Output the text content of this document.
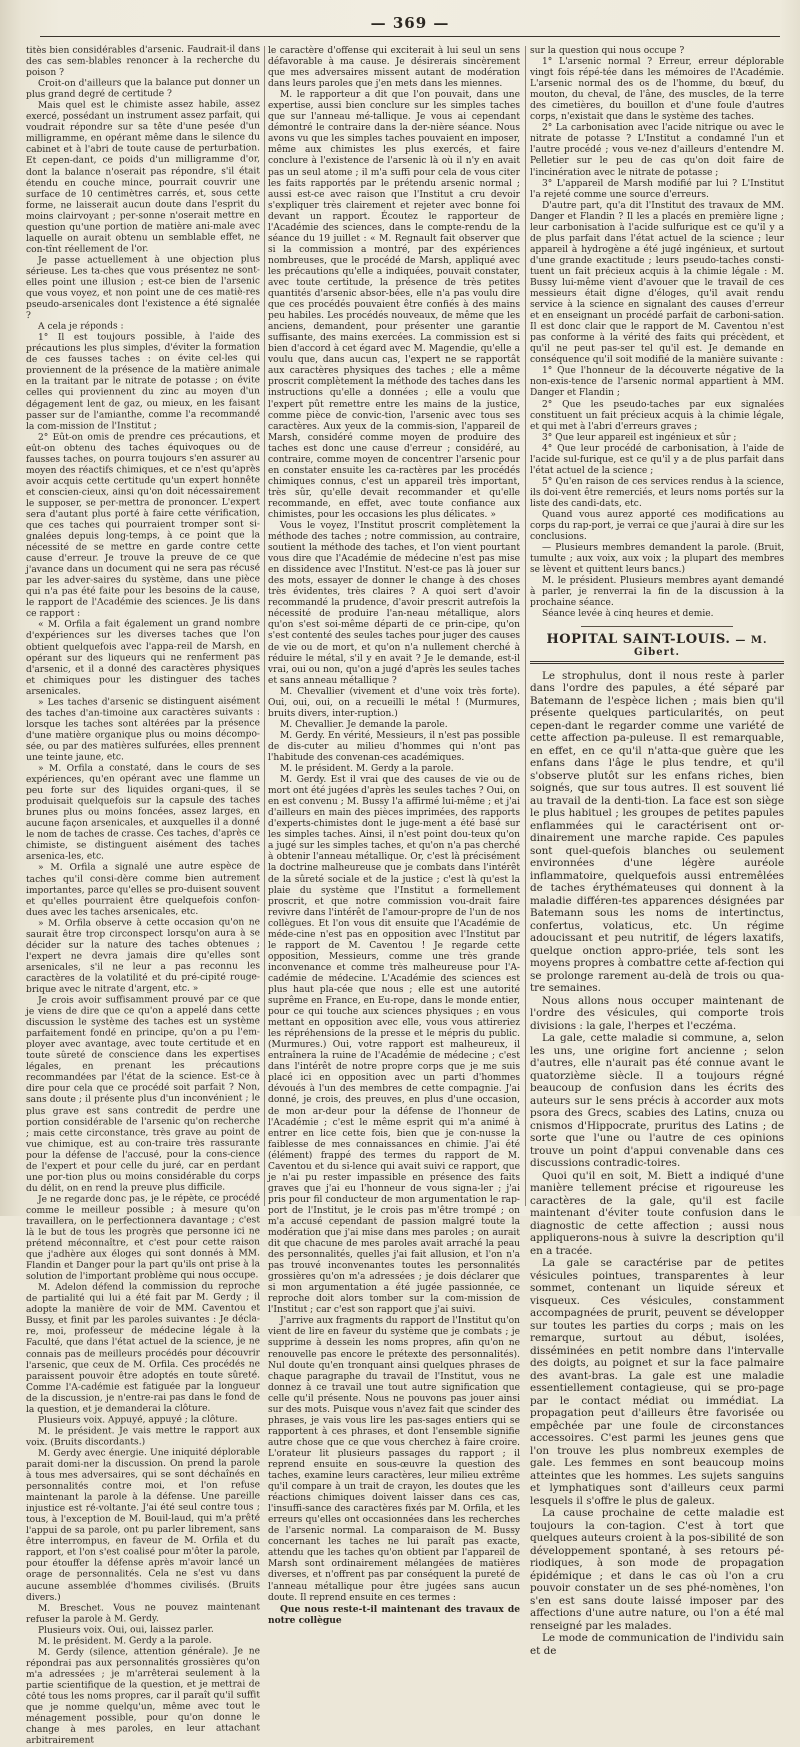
— 369 —

titès bien considérables d'arsenic. Faudrait-il dans des cas sem-blables renoncer à la recherche du poison ?

Croit-on d'ailleurs que la balance put donner un plus grand degré de certitude ?

Mais quel est le chimiste assez habile, assez exercé, possédant un instrument assez parfait, qui voudrait répondre sur sa tête d'une pesée d'un milligramme, en opérant même dans le silence du cabinet et à l'abri de toute cause de perturbation. Et cepen-dant, ce poids d'un milligramme d'or, dont la balance n'oserait pas répondre, s'il était étendu en couche mince, pourrait couvrir une surface de 10 centimètres carrés, et, sous cette forme, ne laisserait aucun doute dans l'esprit du moins clairvoyant ; per-sonne n'oserait mettre en question qu'une portion de matière ani-male avec laquelle on aurait obtenu un semblable effet, ne con-tînt réellement de l'or.

Je passe actuellement à une objection plus sérieuse. Les ta-ches que vous présentez ne sont-elles point une illusion ; est-ce bien de l'arsenic que vous voyez, et non point une de ces matiè-res pseudo-arsenicales dont l'existence a été signalée ?

A cela je réponds :

1° Il est toujours possible, à l'aide des précautions les plus simples, d'éviter la formation de ces fausses taches : on évite cel-les qui proviennent de la présence de la matière animale en la traitant par le nitrate de potasse ; on évite celles qui proviennent du zinc au moyen d'un dégagement lent de gaz, ou mieux, en les faisant passer sur de l'amianthe, comme l'a recommandé la com-mission de l'Institut ;

2° Eût-on omis de prendre ces précautions, et eût-on obtenu des taches équivoques ou de fausses taches, on pourra toujours s'en assurer au moyen des réactifs chimiques, et ce n'est qu'après avoir acquis cette certitude qu'un expert honnête et conscien-cieux, ainsi qu'on doit nécessairement le supposer, se per-mettra de prononcer. L'expert sera d'autant plus porté à faire cette vérification, que ces taches qui pourraient tromper sont si-gnalées depuis long-temps, à ce point que la nécessité de se mettre en garde contre cette cause d'erreur. Je trouve la preuve de ce que j'avance dans un document qui ne sera pas récusé par les adver-saires du système, dans une pièce qui n'a pas été faite pour les besoins de la cause, le rapport de l'Académie des sciences. Je lis dans ce rapport :

« M. Orfila a fait également un grand nombre d'expériences sur les diverses taches que l'on obtient quelquefois avec l'appa-reil de Marsh, en opérant sur des liqueurs qui ne renferment pas d'arsenic, et il a donné des caractères physiques et chimiques pour les distinguer des taches arsenicales.

» Les taches d'arsenic se distinguent aisément des taches d'an-timoine aux caractères suivants : lorsque les taches sont altérées par la présence d'une matière organique plus ou moins décompo-sée, ou par des matières sulfurées, elles prennent une teinte jaune, etc.

» M. Orfila a constaté, dans le cours de ses expériences, qu'en opérant avec une flamme un peu forte sur des liquides organi-ques, il se produisait quelquefois sur la capsule des taches brunes plus ou moins foncées, assez larges, en aucune façon arsenicales, et auxquelles il a donné le nom de taches de crasse. Ces taches, d'après ce chimiste, se distinguent aisément des taches arsenica-les, etc.

» M. Orfila a signalé une autre espèce de taches qu'il consi-dère comme bien autrement importantes, parce qu'elles se pro-duisent souvent et qu'elles pourraient être quelquefois confon-dues avec les taches arsenicales, etc.

» M. Orfila observe à cette occasion qu'on ne saurait être trop circonspect lorsqu'on aura à se décider sur la nature des taches obtenues ; l'expert ne devra jamais dire qu'elles sont arsenicales, s'il ne leur a pas reconnu les caractères de la volatilité et du pré-cipité rouge-brique avec le nitrate d'argent, etc. »

Je crois avoir suffisamment prouvé par ce que je viens de dire que ce qu'on a appelé dans cette discussion le système des taches est un système parfaitement fondé en principe, qu'on a pu l'em-ployer avec avantage, avec toute certitude et en toute sûreté de conscience dans les expertises légales, en prenant les précautions recommandées par l'état de la science. Est-ce à dire pour cela que ce procédé soit parfait ? Non, sans doute ; il présente plus d'un inconvénient ; le plus grave est sans contredit de perdre une portion considérable de l'arsenic qu'on recherche ; mais cette circonstance, très grave au point de vue chimique, est au con-traire très rassurante pour la défense de l'accusé, pour la cons-cience de l'expert et pour celle du juré, car en perdant une por-tion plus ou moins considérable du corps du délit, on en rend la preuve plus difficile.

Je ne regarde donc pas, je le répète, ce procédé comme le meilleur possible ; à mesure qu'on travaillera, on le perfectionnera davantage ; c'est là le but de tous les progrès que personne ici ne prétend méconnaître, et c'est pour cette raison que j'adhère aux éloges qui sont donnés à MM. Flandin et Danger pour la part qu'ils ont prise à la solution de l'important problème qui nous occupe.

M. Adelon défend la commission du reproche de partialité qui lui a été fait par M. Gerdy ; il adopte la manière de voir de MM. Caventou et Bussy, et finit par les paroles suivantes : Je décla-re, moi, professeur de médecine légale à la Faculté, que dans l'état actuel de la science, je ne connais pas de meilleurs procédés pour découvrir l'arsenic, que ceux de M. Orfila. Ces procédés ne paraissent pouvoir être adoptés en toute sûreté. Comme l'A-cadémie est fatiguée par la longueur de la discussion, je n'entre-rai pas dans le fond de la question, et je demanderai la clôture.

Plusieurs voix. Appuyé, appuyé ; la clôture.

M. le président. Je vais mettre le rapport aux voix. (Bruits discordants.)

M. Gerdy avec énergie. Une iniquité déplorable parait domi-ner la discussion. On prend la parole à tous mes adversaires, qui se sont déchaînés en personnalités contre moi, et l'on refuse maintenant la parole à la défense. Une pareille injustice est ré-voltante. J'ai été seul contre tous ; tous, à l'exception de M. Bouil-laud, qui m'a prêté l'appui de sa parole, ont pu parler librement, sans être interrompus, en faveur de M. Orfila et du rapport, et l'on s'est coalisé pour m'ôter la parole, pour étouffer la défense après m'avoir lancé un orage de personnalités. Cela ne s'est vu dans aucune assemblée d'hommes civilisés. (Bruits divers.)

M. Breschet. Vous ne pouvez maintenant refuser la parole à M. Gerdy.

Plusieurs voix. Oui, oui, laissez parler.

M. le président. M. Gerdy a la parole.

M. Gerdy (silence, attention générale). Je ne répondrai pas aux personnalités grossières qu'on m'a adressées ; je m'arrêterai seulement à la partie scientifique de la question, et je mettrai de côté tous les noms propres, car il paraît qu'il suffit que je nomme quelqu'un, même avec tout le ménagement possible, pour qu'on donne le change à mes paroles, en leur attachant arbitrairement

le caractère d'offense qui exciterait à lui seul un sens défavorable à ma cause. Je désirerais sincèrement que mes adversaires missent autant de modération dans leurs paroles que j'en mets dans les miennes.

M. le rapporteur a dit que l'on pouvait, dans une expertise, aussi bien conclure sur les simples taches que sur l'anneau mé-tallique. Je vous ai cependant démontré le contraire dans la der-nière séance. Nous avons vu que les simples taches pouvaient en imposer, même aux chimistes les plus exercés, et faire conclure à l'existence de l'arsenic là où il n'y en avait pas un seul atome ; il m'a suffi pour cela de vous citer les faits rapportés par le prétendu arsenic normal ; aussi est-ce avec raison que l'Institut a cru devoir s'expliquer très clairement et rejeter avec bonne foi devant un rapport. Écoutez le rapporteur de l'Académie des sciences, dans le compte-rendu de la séance du 19 juillet : « M. Regnault fait observer que si la commission a montré, par des expériences nombreuses, que le procédé de Marsh, appliqué avec les précautions qu'elle a indiquées, pouvait constater, avec toute certitude, la présence de très petites quantités d'arsenic absor-bées, elle n'a pas voulu dire que ces procédés pouvaient être confiés à des mains peu habiles. Les procédés nouveaux, de même que les anciens, demandent, pour présenter une garantie suffisante, des mains exercées. La commission est si bien d'accord à cet égard avec M. Magendie, qu'elle a voulu que, dans aucun cas, l'expert ne se rapportât aux caractères physiques des taches ; elle a même proscrit complètement la méthode des taches dans les instructions qu'elle a données ; elle a voulu que l'expert pût remettre entre les mains de la justice, comme pièce de convic-tion, l'arsenic avec tous ses caractères. Aux yeux de la commis-sion, l'appareil de Marsh, considéré comme moyen de produire des taches est donc une cause d'erreur ; considéré, au contraire, comme moyen de concentrer l'arsenic pour en constater ensuite les ca-ractères par les procédés chimiques connus, c'est un appareil très important, très sûr, qu'elle devait recommander et qu'elle recommande, en effet, avec toute confiance aux chimistes, pour les occasions les plus délicates. »

Vous le voyez, l'Institut proscrit complètement la méthode des taches ; notre commission, au contraire, soutient la méthode des taches, et l'on vient pourtant vous dire que l'Académie de médecine n'est pas mise en dissidence avec l'Institut. N'est-ce pas là jouer sur des mots, essayer de donner le change à des choses très évidentes, très claires ? A quoi sert d'avoir recommandé la prudence, d'avoir prescrit autrefois la nécessité de produire l'an-neau métallique, alors qu'on s'est soi-même départi de ce prin-cipe, qu'on s'est contenté des seules taches pour juger des causes de vie ou de mort, et qu'on n'a nullement cherché à réduire le métal, s'il y en avait ? Je le demande, est-il vrai, oui ou non, qu'on a jugé d'après les seules taches et sans anneau métallique ?

M. Chevallier (vivement et d'une voix très forte). Oui, oui, oui, on a recueilli le métal ! (Murmures, bruits divers, inter-ruption.)

M. Chevallier. Je demande la parole.

M. Gerdy. En vérité, Messieurs, il n'est pas possible de dis-cuter au milieu d'hommes qui n'ont pas l'habitude des convenan-ces académiques.

M. le président. M. Gerdy a la parole.

M. Gerdy. Est il vrai que des causes de vie ou de mort ont été jugées d'après les seules taches ? Oui, on en est convenu ; M. Bussy l'a affirmé lui-même ; et j'ai d'ailleurs en main des pièces imprimées, des rapports d'experts-chimistes dont le juge-ment a été basé sur les simples taches. Ainsi, il n'est point dou-teux qu'on a jugé sur les simples taches, et qu'on n'a pas cherché à obtenir l'anneau métallique. Or, c'est là précisément la doctrine malheureuse que je combats dans l'intérêt de la sûreté sociale et de la justice ; c'est là qu'est la plaie du système que l'Institut a formellement proscrit, et que notre commission vou-drait faire revivre dans l'intérêt de l'amour-propre de l'un de nos collègues. Et l'on vous dit ensuite que l'Académie de méde-cine n'est pas en opposition avec l'Institut par le rapport de M. Caventou ! Je regarde cette opposition, Messieurs, comme une très grande inconvenance et comme très malheureuse pour l'A-cadémie de médecine. L'Académie des sciences est plus haut pla-cée que nous ; elle est une autorité suprême en France, en Eu-rope, dans le monde entier, pour ce qui touche aux sciences physiques ; en vous mettant en opposition avec elle, vous vous attireriez les répréhensions de la presse et le mépris du public. (Murmures.) Oui, votre rapport est malheureux, il entraînera la ruine de l'Académie de médecine ; c'est dans l'intérêt de notre propre corps que je me suis placé ici en opposition avec un parti d'hommes dévoués à l'un des membres de cette compagnie. J'ai donné, je crois, des preuves, en plus d'une occasion, de mon ar-deur pour la défense de l'honneur de l'Académie ; c'est le même esprit qui m'a animé à entrer en lice cette fois, bien que je con-nusse la faiblesse de mes connaissances en chimie. J'ai été (élément) frappé des termes du rapport de M. Caventou et du si-lence qui avait suivi ce rapport, que je n'ai pu rester impassible en présence des faits graves que j'ai eu l'honneur de vous signa-ler ; j'ai pris pour fil conducteur de mon argumentation le rap-port de l'Institut, je le crois pas m'être trompé ; on m'a accusé cependant de passion malgré toute la modération que j'ai mise dans mes paroles ; on aurait dit que chacune de mes paroles avait arraché la peau des personnalités, quelles j'ai fait allusion, et l'on n'a pas trouvé inconvenantes toutes les personnalités grossières qu'on m'a adressées ; je dois déclarer que si mon argumentation a été jugée passionnée, ce reproche doit alors tomber sur la com-mission de l'Institut ; car c'est son rapport que j'ai suivi.

J'arrive aux fragments du rapport de l'Institut qu'on vient de lire en faveur du système que je combats ; je supprime à dessein les noms propres, afin qu'on ne renouvelle pas encore le prétexte des personnalités). Nul doute qu'en tronquant ainsi quelques phrases de chaque paragraphe du travail de l'Institut, vous ne donnez à ce travail une tout autre signification que celle qu'il présente. Nous ne pouvons pas jouer ainsi sur des mots. Puisque vous n'avez fait que scinder des phrases, je vais vous lire les pas-sages entiers qui se rapportent à ces phrases, et dont l'ensemble signifie autre chose que ce que vous cherchez à faire croire. L'orateur lit plusieurs passages du rapport ; il reprend ensuite en sous-œuvre la question des taches, examine leurs caractères, leur milieu extrême qu'il compare à un trait de crayon, les doutes que les réactions chimiques doivent laisser dans ces cas, l'insuffi-sance des caractères fixés par M. Orfila, et les erreurs qu'elles ont occasionnées dans les recherches de l'arsenic normal. La comparaison de M. Bussy concernant les taches ne lui paraît pas exacte, attendu que les taches qu'on obtient par l'appareil de Marsh sont ordinairement mélangées de matières diverses, et n'offrent pas par conséquent la pureté de l'anneau métallique pour être jugées sans aucun doute. Il reprend ensuite en ces termes :

Que nous reste-t-il maintenant des travaux de notre collègue

sur la question qui nous occupe ?

1° L'arsenic normal ? Erreur, erreur déplorable vingt fois répé-tée dans les mémoires de l'Académie. L'arsenic normal des os de l'homme, du bœuf, du mouton, du cheval, de l'âne, des muscles, de la terre des cimetières, du bouillon et d'une foule d'autres corps, n'existait que dans le système des taches.

2° La carbonisation avec l'acide nitrique ou avec le nitrate de potasse ? L'Institut a condamné l'un et l'autre procédé ; vous ve-nez d'ailleurs d'entendre M. Pelletier sur le peu de cas qu'on doit faire de l'incinération avec le nitrate de potasse ;

3° L'appareil de Marsh modifié par lui ? L'Institut l'a rejeté comme une source d'erreurs.

D'autre part, qu'a dit l'Institut des travaux de MM. Danger et Flandin ? Il les a placés en première ligne ; leur carbonisation à l'acide sulfurique est ce qu'il y a de plus parfait dans l'état actuel de la science ; leur appareil à hydrogène a été jugé ingénieux, et surtout d'une grande exactitude ; leurs pseudo-taches consti-tuent un fait précieux acquis à la chimie légale : M. Bussy lui-même vient d'avouer que le travail de ces messieurs était digne d'éloges, qu'il avait rendu service à la science en signalant des causes d'erreur et en enseignant un procédé parfait de carboni-sation. Il est donc clair que le rapport de M. Caventou n'est pas conforme à la vérité des faits qui précèdent, et qu'il ne peut pas-ser tel qu'il est. Je demande en conséquence qu'il soit modifié de la manière suivante :

1° Que l'honneur de la découverte négative de la non-exis-tence de l'arsenic normal appartient à MM. Danger et Flandin ;

2° Que les pseudo-taches par eux signalées constituent un fait précieux acquis à la chimie légale, et qui met à l'abri d'erreurs graves ;

3° Que leur appareil est ingénieux et sûr ;

4° Que leur procédé de carbonisation, à l'aide de l'acide sul-furique, est ce qu'il y a de plus parfait dans l'état actuel de la science ;

5° Qu'en raison de ces services rendus à la science, ils doi-vent être remerciés, et leurs noms portés sur la liste des candi-dats, etc.

Quand vous aurez apporté ces modifications au corps du rap-port, je verrai ce que j'aurai à dire sur les conclusions.

— Plusieurs membres demandent la parole. (Bruit, tumulte ; aux voix, aux voix ; la plupart des membres se lèvent et quittent leurs bancs.)

M. le président. Plusieurs membres ayant demandé à parler, je renverrai la fin de la discussion à la prochaine séance.

Séance levée à cinq heures et demie.

HOPITAL SAINT-LOUIS. — M. Gibert.

Le strophulus, dont il nous reste à parler dans l'ordre des papules, a été séparé par Batemann de l'espèce lichen ; mais bien qu'il présente quelques particularités, on peut cepen-dant le regarder comme une variété de cette affection pa-puleuse. Il est remarquable, en effet, en ce qu'il n'atta-que guère que les enfans dans l'âge le plus tendre, et qu'il s'observe plutôt sur les enfans riches, bien soignés, que sur tous autres. Il est souvent lié au travail de la denti-tion. La face est son siège le plus habituel ; les groupes de petites papules enflammées qui le caractérisent ont or-dinairement une marche rapide. Ces papules sont quel-quefois blanches ou seulement environnées d'une légère auréole inflammatoire, quelquefois aussi entremêlées de taches érythémateuses qui donnent à la maladie différen-tes apparences désignées par Batemann sous les noms de intertinctus, confertus, volaticus, etc. Un régime adoucissant et peu nutritif, de légers laxatifs, quelque onction appro-priée, tels sont les moyens propres à combattre cette af-fection qui se prolonge rarement au-delà de trois ou qua-tre semaines.

Nous allons nous occuper maintenant de l'ordre des vésicules, qui comporte trois divisions : la gale, l'herpes et l'eczéma.

La gale, cette maladie si commune, a, selon les uns, une origine fort ancienne ; selon d'autres, elle n'aurait pas été connue avant le quatorzième siècle. Il a toujours régné beaucoup de confusion dans les écrits des auteurs sur le sens précis à accorder aux mots psora des Grecs, scabies des Latins, cnuza ou cnismos d'Hippocrate, pruritus des Latins ; de sorte que l'une ou l'autre de ces opinions trouve un point d'appui convenable dans ces discussions contradic-toires.

Quoi qu'il en soit, M. Biett a indiqué d'une manière tellement précise et rigoureuse les caractères de la gale, qu'il est facile maintenant d'éviter toute confusion dans le diagnostic de cette affection ; aussi nous appliquerons-nous à suivre la description qu'il en a tracée.

La gale se caractérise par de petites vésicules pointues, transparentes à leur sommet, contenant un liquide séreux et visqueux. Ces vésicules, constamment accompagnées de prurit, peuvent se développer sur toutes les parties du corps ; mais on les remarque, surtout au début, isolées, disséminées en petit nombre dans l'intervalle des doigts, au poignet et sur la face palmaire des avant-bras. La gale est une maladie essentiellement contagieuse, qui se pro-page par le contact médiat ou immédiat. La propagation peut d'ailleurs être favorisée ou empêchée par une foule de circonstances accessoires. C'est parmi les jeunes gens que l'on trouve les plus nombreux exemples de gale. Les femmes en sont beaucoup moins atteintes que les hommes. Les sujets sanguins et lymphatiques sont d'ailleurs ceux parmi lesquels il s'offre le plus de galeux.

La cause prochaine de cette maladie est toujours la con-tagion. C'est à tort que quelques auteurs croient à la pos-sibilité de son développement spontané, à ses retours pé-riodiques, à son mode de propagation épidémique ; et dans le cas où l'on a cru pouvoir constater un de ses phé-nomènes, l'on s'en est sans doute laissé imposer par des affections d'une autre nature, ou l'on a été mal renseigné par les malades.

Le mode de communication de l'individu sain et de
